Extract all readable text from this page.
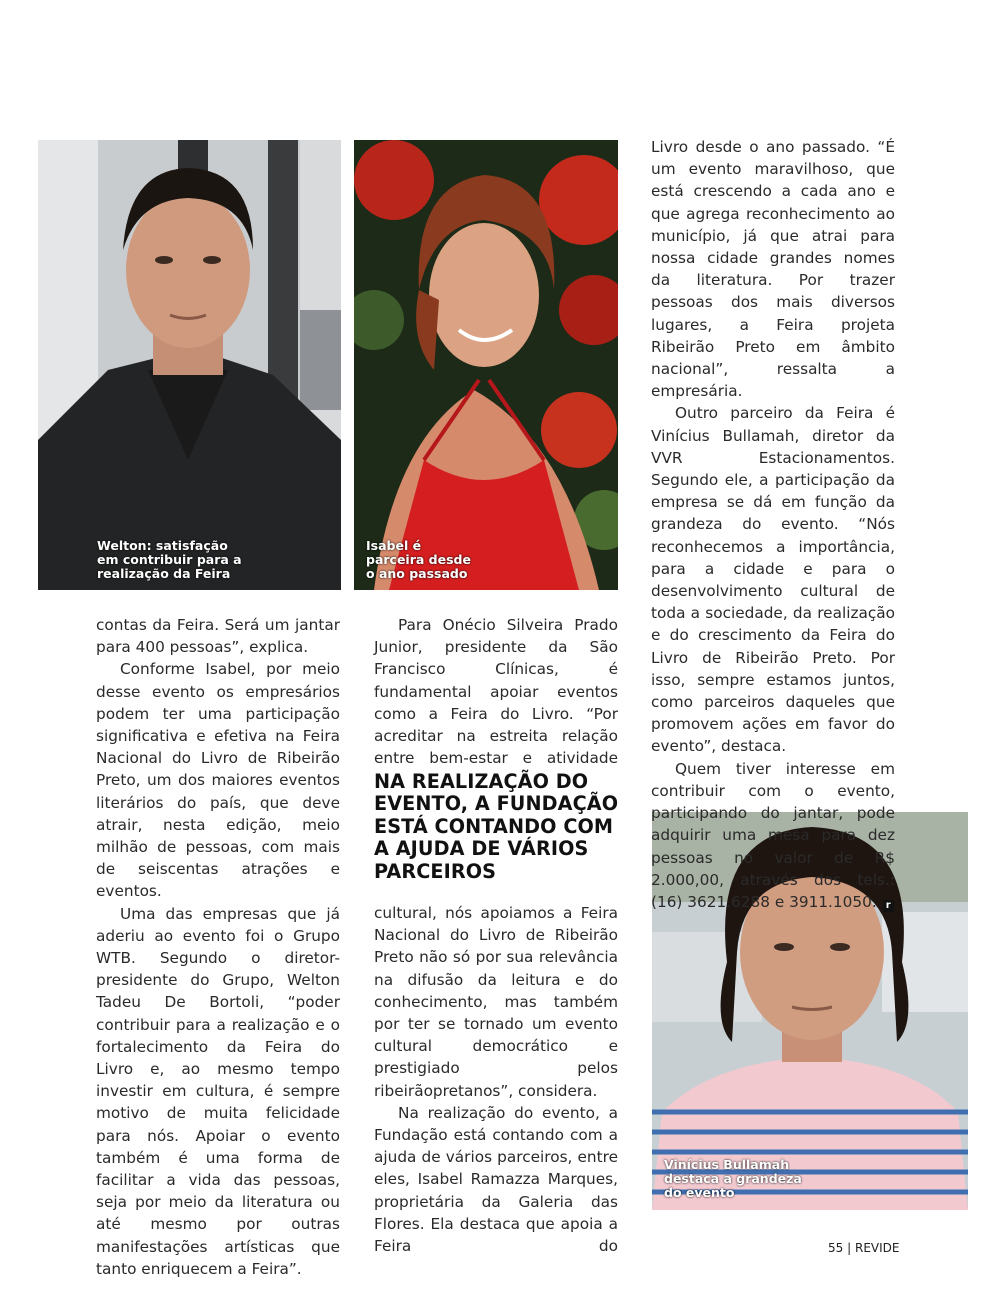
Welton: satisfação
em contribuir para a
realização da Feira
Isabel é
parceira desde
o ano passado
Vinícius Bullamah
destaca a grandeza
do evento

contas da Feira. Será um jantar para 400 pessoas”, explica.

Conforme Isabel, por meio desse evento os empresários podem ter uma participação significativa e efetiva na Feira Nacional do Livro de Ribeirão Preto, um dos maiores eventos literários do país, que deve atrair, nesta edição, meio milhão de pessoas, com mais de seiscentas atrações e eventos.

Uma das empresas que já aderiu ao evento foi o Grupo WTB. Segundo o diretor-presidente do Grupo, Welton Tadeu De Bortoli, “poder contribuir para a realização e o fortalecimento da Feira do Livro e, ao mesmo tempo investir em cultura, é sempre motivo de muita felicidade para nós. Apoiar o evento também é uma forma de facilitar a vida das pessoas, seja por meio da literatura ou até mesmo por outras manifestações artísticas que tanto enriquecem a Feira”.

Para Onécio Silveira Prado Junior, presidente da São Francisco Clínicas, é fundamental apoiar eventos como a Feira do Livro. “Por acreditar na estreita relação entre bem-estar e atividade

NA REALIZAÇÃO DO
EVENTO, A FUNDAÇÃO
ESTÁ CONTANDO COM
A AJUDA DE VÁRIOS
PARCEIROS

cultural, nós apoiamos a Feira Nacional do Livro de Ribeirão Preto não só por sua relevância na difusão da leitura e do conhecimento, mas também por ter se tornado um evento cultural democrático e prestigiado pelos ribeirãopretanos”, considera.

Na realização do evento, a Fundação está contando com a ajuda de vários parceiros, entre eles, Isabel Ramazza Marques, proprietária da Galeria das Flores. Ela destaca que apoia a Feira do

Livro desde o ano passado. “É um evento maravilhoso, que está crescendo a cada ano e que agrega reconhecimento ao município, já que atrai para nossa cidade grandes nomes da literatura. Por trazer pessoas dos mais diversos lugares, a Feira projeta Ribeirão Preto em âmbito nacional”, ressalta a empresária.

Outro parceiro da Feira é Vinícius Bullamah, diretor da VVR Estacionamentos. Segundo ele, a participação da empresa se dá em função da grandeza do evento. “Nós reconhecemos a importância, para a cidade e para o desenvolvimento cultural de toda a sociedade, da realização e do crescimento da Feira do Livro de Ribeirão Preto. Por isso, sempre estamos juntos, como parceiros daqueles que promovem ações em favor do evento”, destaca.

Quem tiver interesse em contribuir com o evento, participando do jantar, pode adquirir uma mesa para dez pessoas no valor de R$ 2.000,00, através dos tels.: (16) 3621.6288 e 3911.1050. r

55 | REVIDE
